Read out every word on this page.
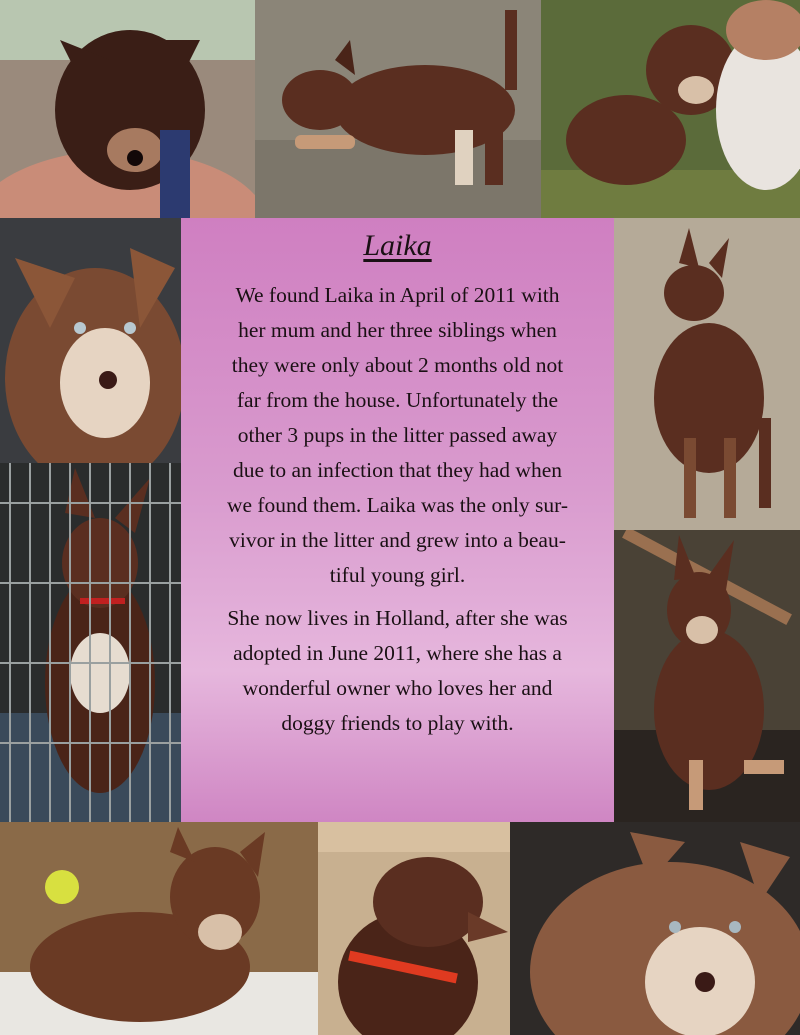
Laika

We found Laika in April of 2011 with
her mum and her three siblings when
they were only about 2 months old not
far from the house. Unfortunately the
other 3 pups in the litter passed away
due to an infection that they had when
we found them. Laika was the only sur-
vivor in the litter and grew into a beau-
tiful young girl.

She now lives in Holland, after she was
adopted in June 2011, where she has a
wonderful owner who loves her and
doggy friends to play with.
